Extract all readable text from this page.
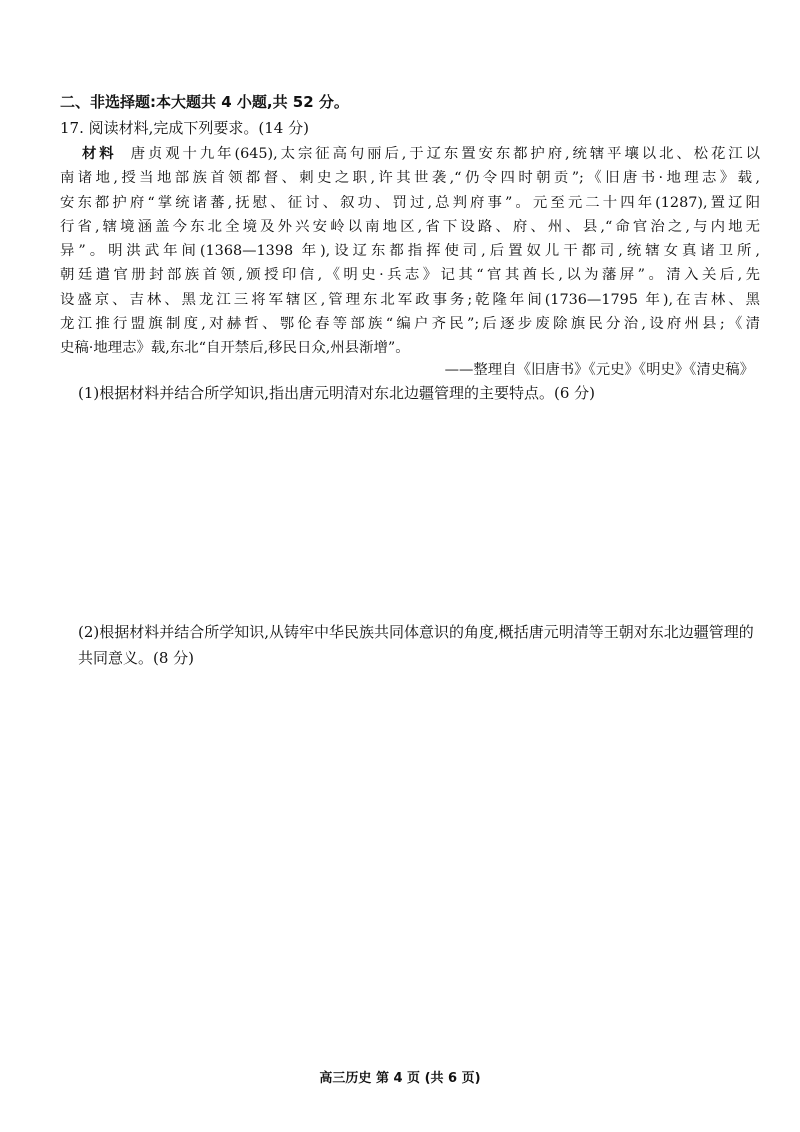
二、非选择题:本大题共 4 小题,共 52 分。
17. 阅读材料,完成下列要求。(14 分)
材料 唐贞观十九年(645),太宗征高句丽后,于辽东置安东都护府,统辖平壤以北、松花江以
南诸地,授当地部族首领都督、刺史之职,许其世袭,“仍令四时朝贡”;《旧唐书·地理志》载,
安东都护府“掌统诸蕃,抚慰、征讨、叙功、罚过,总判府事”。元至元二十四年(1287),置辽阳
行省,辖境涵盖今东北全境及外兴安岭以南地区,省下设路、府、州、县,“命官治之,与内地无
异”。明洪武年间(1368—1398 年),设辽东都指挥使司,后置奴儿干都司,统辖女真诸卫所,
朝廷遣官册封部族首领,颁授印信,《明史·兵志》记其“官其酋长,以为藩屏”。清入关后,先
设盛京、吉林、黑龙江三将军辖区,管理东北军政事务;乾隆年间(1736—1795 年),在吉林、黑
龙江推行盟旗制度,对赫哲、鄂伦春等部族“编户齐民”;后逐步废除旗民分治,设府州县;《清
史稿·地理志》载,东北“自开禁后,移民日众,州县渐增”。
——整理自《旧唐书》《元史》《明史》《清史稿》
(1)根据材料并结合所学知识,指出唐元明清对东北边疆管理的主要特点。(6 分)
(2)根据材料并结合所学知识,从铸牢中华民族共同体意识的角度,概括唐元明清等王朝对东北边疆管理的共同意义。(8 分)
高三历史 第 4 页 (共 6 页)
